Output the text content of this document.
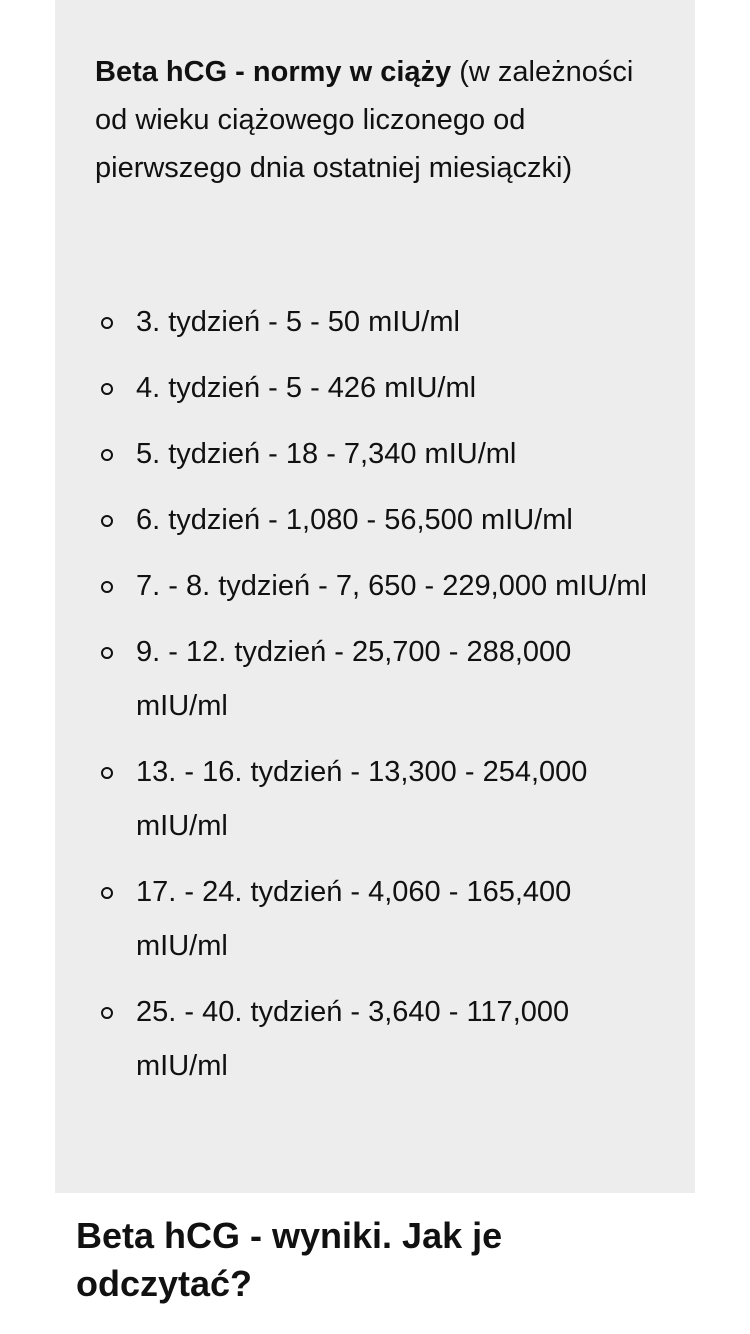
Beta hCG - normy w ciąży (w zależności od wieku ciążowego liczonego od pierwszego dnia ostatniej miesiączki)

3. tydzień - 5 - 50 mIU/ml
4. tydzień - 5 - 426 mIU/ml
5. tydzień - 18 - 7,340 mIU/ml
6. tydzień - 1,080 - 56,500 mIU/ml
7. - 8. tydzień - 7, 650 - 229,000 mIU/ml
9. - 12. tydzień - 25,700 - 288,000 mIU/ml
13. - 16. tydzień - 13,300 - 254,000 mIU/ml
17. - 24. tydzień - 4,060 - 165,400 mIU/ml
25. - 40. tydzień - 3,640 - 117,000 mIU/ml
Beta hCG - wyniki. Jak je odczytać?
